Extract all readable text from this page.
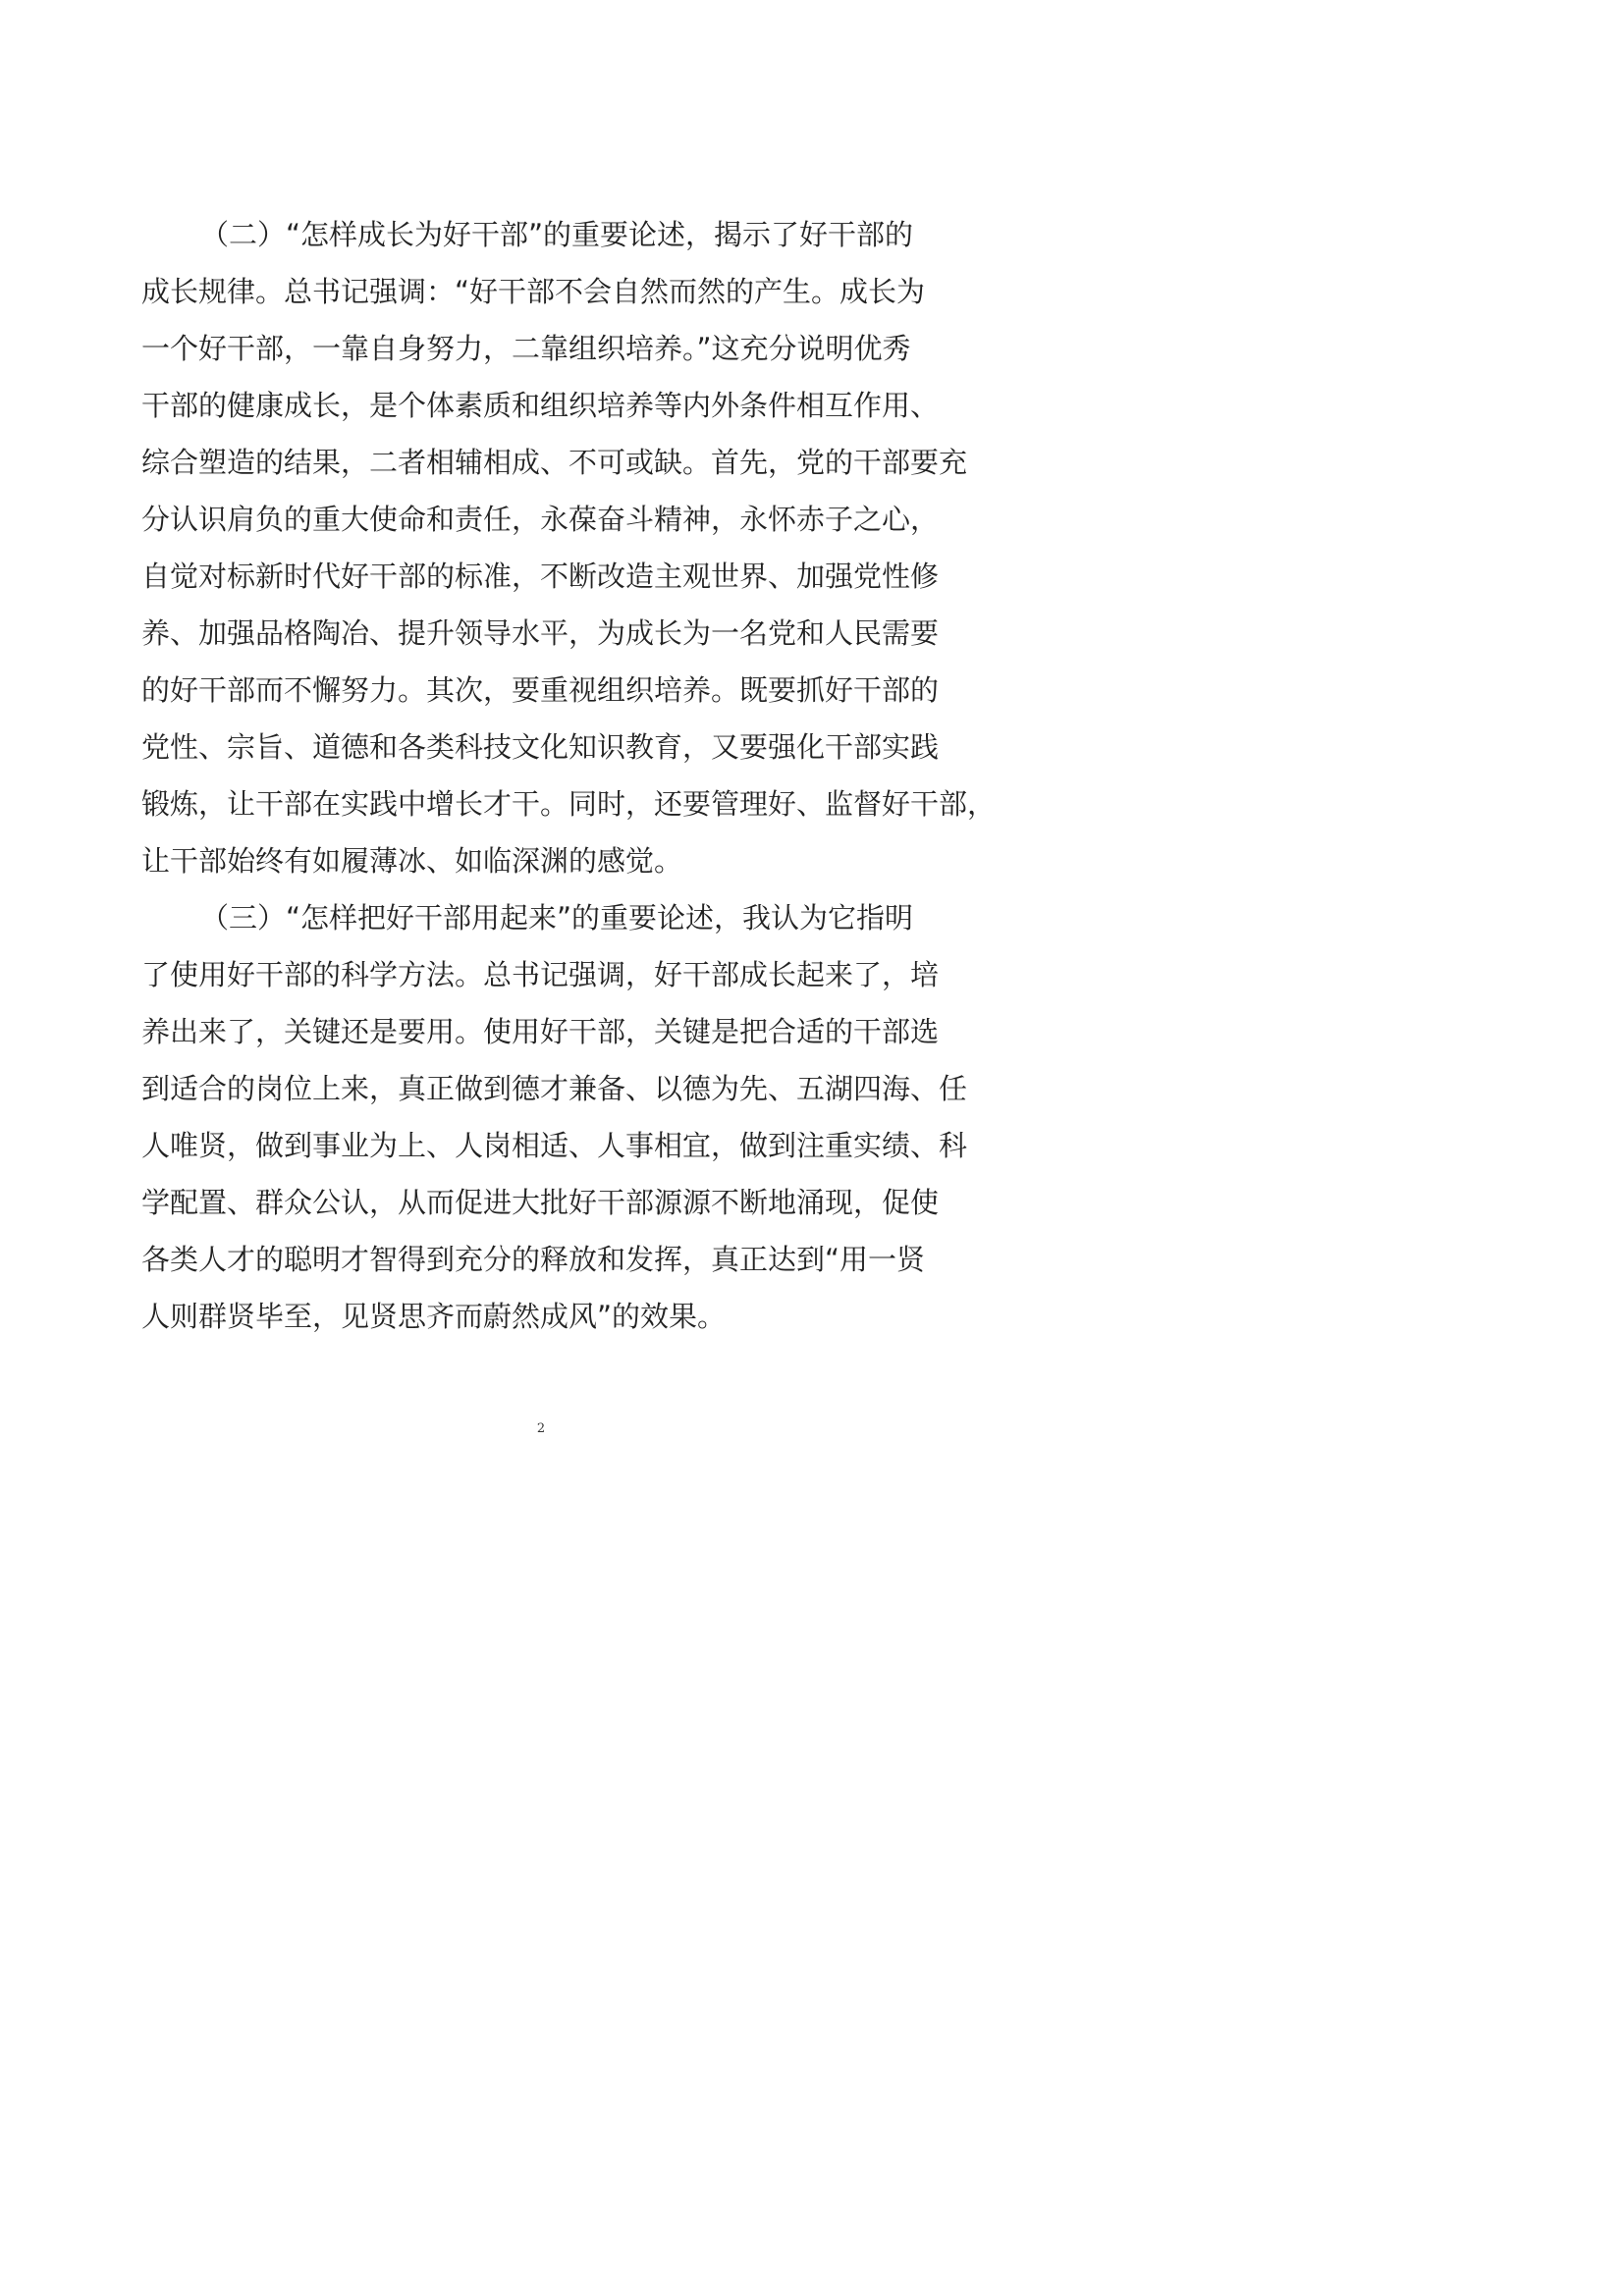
（二）“怎样成长为好干部”的重要论述，揭示了好干部的
成长规律。总书记强调：“好干部不会自然而然的产生。成长为
一个好干部，一靠自身努力，二靠组织培养。”这充分说明优秀
干部的健康成长，是个体素质和组织培养等内外条件相互作用、
综合塑造的结果，二者相辅相成、不可或缺。首先，党的干部要充
分认识肩负的重大使命和责任，永葆奋斗精神，永怀赤子之心，
自觉对标新时代好干部的标准，不断改造主观世界、加强党性修
养、加强品格陶冶、提升领导水平，为成长为一名党和人民需要
的好干部而不懈努力。其次，要重视组织培养。既要抓好干部的
党性、宗旨、道德和各类科技文化知识教育，又要强化干部实践
锻炼，让干部在实践中增长才干。同时，还要管理好、监督好干部，
让干部始终有如履薄冰、如临深渊的感觉。
（三）“怎样把好干部用起来”的重要论述，我认为它指明
了使用好干部的科学方法。总书记强调，好干部成长起来了，培
养出来了，关键还是要用。使用好干部，关键是把合适的干部选
到适合的岗位上来，真正做到德才兼备、以德为先、五湖四海、任
人唯贤，做到事业为上、人岗相适、人事相宜，做到注重实绩、科
学配置、群众公认，从而促进大批好干部源源不断地涌现，促使
各类人才的聪明才智得到充分的释放和发挥，真正达到“用一贤
人则群贤毕至，见贤思齐而蔚然成风”的效果。
2
